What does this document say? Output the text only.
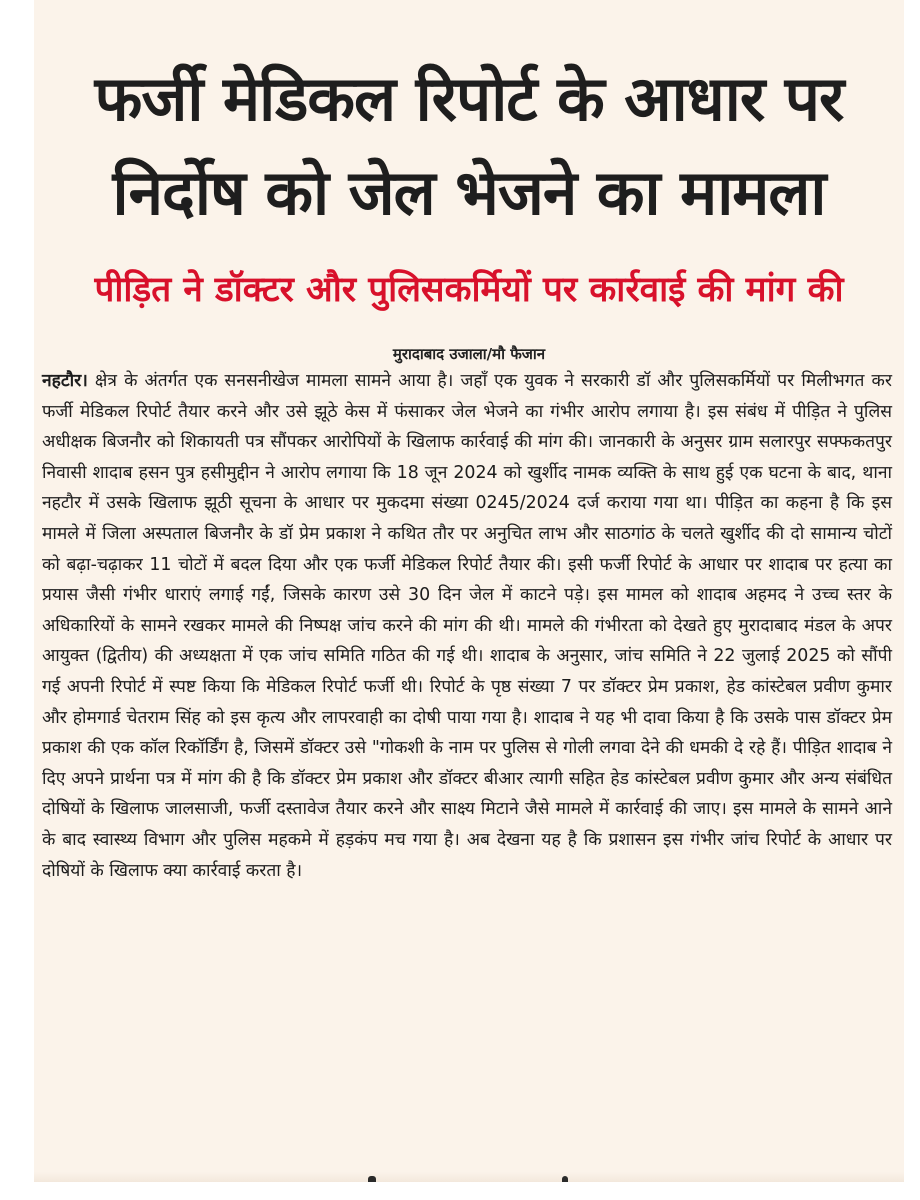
फर्जी मेडिकल रिपोर्ट के आधार पर
निर्दोष को जेल भेजने का मामला
पीड़ित ने डॉक्टर और पुलिसकर्मियों पर कार्रवाई की मांग की
मुरादाबाद उजाला/मौ फैजान
नहटौर। क्षेत्र के अंतर्गत एक सनसनीखेज मामला सामने आया है। जहाँ एक युवक ने सरकारी डॉ और पुलिसकर्मियों पर मिलीभगत कर फर्जी मेडिकल रिपोर्ट तैयार करने और उसे झूठे केस में फंसाकर जेल भेजने का गंभीर आरोप लगाया है। इस संबंध में पीड़ित ने पुलिस अधीक्षक बिजनौर को शिकायती पत्र सौंपकर आरोपियों के खिलाफ कार्रवाई की मांग की। जानकारी के अनुसर ग्राम सलारपुर सफ्फकतपुर निवासी शादाब हसन पुत्र हसीमुद्दीन ने आरोप लगाया कि 18 जून 2024 को खुर्शीद नामक व्यक्ति के साथ हुई एक घटना के बाद, थाना नहटौर में उसके खिलाफ झूठी सूचना के आधार पर मुकदमा संख्या 0245/2024 दर्ज कराया गया था। पीड़ित का कहना है कि इस मामले में जिला अस्पताल बिजनौर के डॉ प्रेम प्रकाश ने कथित तौर पर अनुचित लाभ और साठगांठ के चलते खुर्शीद की दो सामान्य चोटों को बढ़ा-चढ़ाकर 11 चोटों में बदल दिया और एक फर्जी मेडिकल रिपोर्ट तैयार की। इसी फर्जी रिपोर्ट के आधार पर शादाब पर हत्या का प्रयास जैसी गंभीर धाराएं लगाई गईं, जिसके कारण उसे 30 दिन जेल में काटने पड़े। इस मामल को शादाब अहमद ने उच्च स्तर के अधिकारियों के सामने रखकर मामले की निष्पक्ष जांच करने की मांग की थी। मामले की गंभीरता को देखते हुए मुरादाबाद मंडल के अपर आयुक्त (द्वितीय) की अध्यक्षता में एक जांच समिति गठित की गई थी। शादाब के अनुसार, जांच समिति ने 22 जुलाई 2025 को सौंपी गई अपनी रिपोर्ट में स्पष्ट किया कि मेडिकल रिपोर्ट फर्जी थी। रिपोर्ट के पृष्ठ संख्या 7 पर डॉक्टर प्रेम प्रकाश, हेड कांस्टेबल प्रवीण कुमार और होमगार्ड चेतराम सिंह को इस कृत्य और लापरवाही का दोषी पाया गया है। शादाब ने यह भी दावा किया है कि उसके पास डॉक्टर प्रेम प्रकाश की एक कॉल रिकॉर्डिंग है, जिसमें डॉक्टर उसे "गोकशी के नाम पर पुलिस से गोली लगवा देने की धमकी दे रहे हैं। पीड़ित शादाब ने दिए अपने प्रार्थना पत्र में मांग की है कि डॉक्टर प्रेम प्रकाश और डॉक्टर बीआर त्यागी सहित हेड कांस्टेबल प्रवीण कुमार और अन्य संबंधित दोषियों के खिलाफ जालसाजी, फर्जी दस्तावेज तैयार करने और साक्ष्य मिटाने जैसे मामले में कार्रवाई की जाए। इस मामले के सामने आने के बाद स्वास्थ्य विभाग और पुलिस महकमे में हड़कंप मच गया है। अब देखना यह है कि प्रशासन इस गंभीर जांच रिपोर्ट के आधार पर दोषियों के खिलाफ क्या कार्रवाई करता है।
